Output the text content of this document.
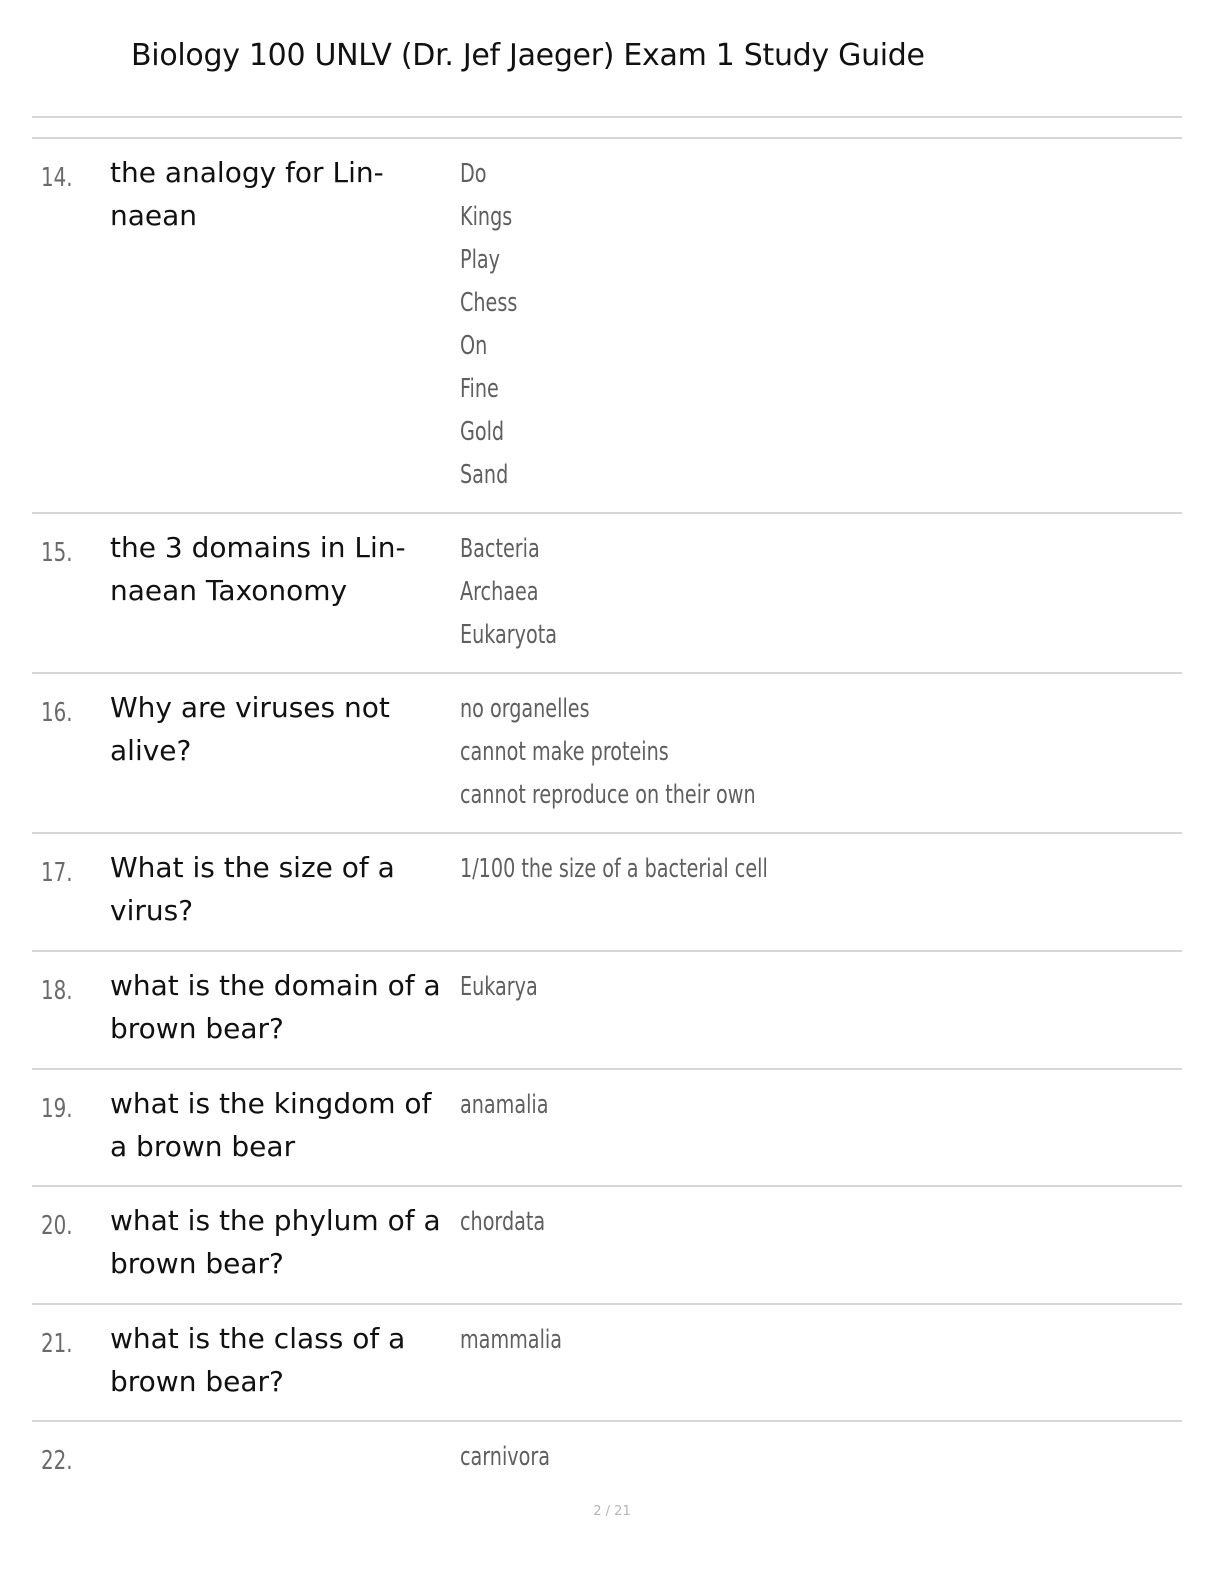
Biology 100 UNLV (Dr. Jef Jaeger) Exam 1 Study Guide
14. the analogy for Lin-
naean
Do
Kings
Play
Chess
On
Fine
Gold
Sand
15. the 3 domains in Lin-
naean Taxonomy
Bacteria
Archaea
Eukaryota
16. Why are viruses not
alive?
no organelles
cannot make proteins
cannot reproduce on their own
17. What is the size of a
virus?
1/100 the size of a bacterial cell
18. what is the domain of a
brown bear?
Eukarya
19. what is the kingdom of
a brown bear
anamalia
20. what is the phylum of a
brown bear?
chordata
21. what is the class of a
brown bear?
mammalia
22.	carnivora
2 / 21
